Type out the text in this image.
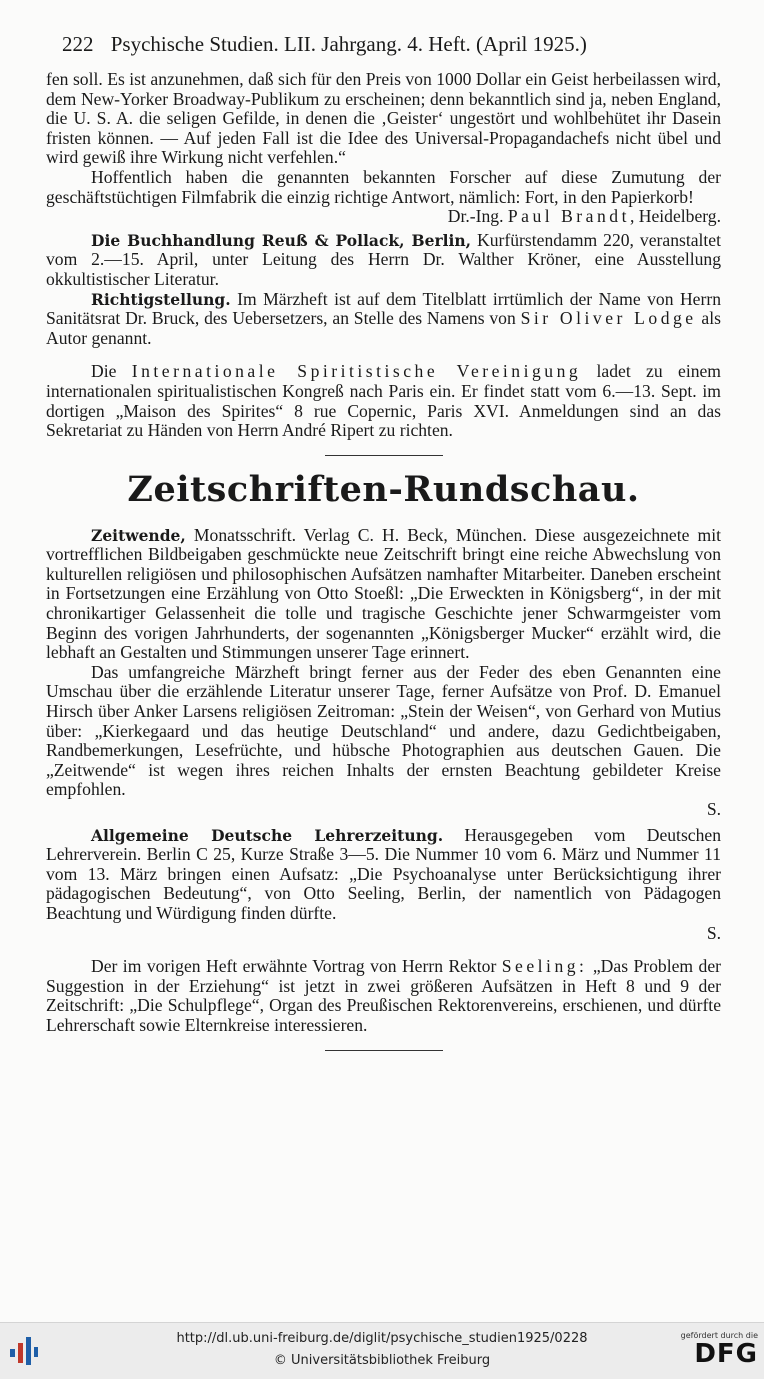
222 Psychische Studien. LII. Jahrgang. 4. Heft. (April 1925.)

fen soll. Es ist anzunehmen, daß sich für den Preis von 1000 Dollar ein Geist herbeilassen wird, dem New-Yorker Broadway-Publikum zu erscheinen; denn bekanntlich sind ja, neben England, die U. S. A. die seligen Gefilde, in denen die ‚Geister‘ ungestört und wohlbehütet ihr Dasein fristen können. — Auf jeden Fall ist die Idee des Universal-Propagandachefs nicht übel und wird gewiß ihre Wirkung nicht verfehlen.“

Hoffentlich haben die genannten bekannten Forscher auf diese Zumutung der geschäftstüchtigen Filmfabrik die einzig richtige Antwort, nämlich: Fort, in den Papierkorb!

Dr.-Ing. Paul Brandt, Heidelberg.

Die Buchhandlung Reuß & Pollack, Berlin, Kurfürstendamm 220, veranstaltet vom 2.—15. April, unter Leitung des Herrn Dr. Walther Kröner, eine Ausstellung okkultistischer Literatur.

Richtigstellung. Im Märzheft ist auf dem Titelblatt irrtümlich der Name von Herrn Sanitätsrat Dr. Bruck, des Uebersetzers, an Stelle des Namens von Sir Oliver Lodge als Autor genannt.

Die Internationale Spiritistische Vereinigung ladet zu einem internationalen spiritualistischen Kongreß nach Paris ein. Er findet statt vom 6.—13. Sept. im dortigen „Maison des Spirites“ 8 rue Copernic, Paris XVI. Anmeldungen sind an das Sekretariat zu Händen von Herrn André Ripert zu richten.

Zeitschriften-Rundschau.

Zeitwende, Monatsschrift. Verlag C. H. Beck, München. Diese ausgezeichnete mit vortrefflichen Bildbeigaben geschmückte neue Zeitschrift bringt eine reiche Abwechslung von kulturellen religiösen und philosophischen Aufsätzen namhafter Mitarbeiter. Daneben erscheint in Fortsetzungen eine Erzählung von Otto Stoeßl: „Die Erweckten in Königsberg“, in der mit chronikartiger Gelassenheit die tolle und tragische Geschichte jener Schwarmgeister vom Beginn des vorigen Jahrhunderts, der sogenannten „Königsberger Mucker“ erzählt wird, die lebhaft an Gestalten und Stimmungen unserer Tage erinnert.

Das umfangreiche Märzheft bringt ferner aus der Feder des eben Genannten eine Umschau über die erzählende Literatur unserer Tage, ferner Aufsätze von Prof. D. Emanuel Hirsch über Anker Larsens religiösen Zeitroman: „Stein der Weisen“, von Gerhard von Mutius über: „Kierkegaard und das heutige Deutschland“ und andere, dazu Gedichtbeigaben, Randbemerkungen, Lesefrüchte, und hübsche Photographien aus deutschen Gauen. Die „Zeitwende“ ist wegen ihres reichen Inhalts der ernsten Beachtung gebildeter Kreise empfohlen.

S.

Allgemeine Deutsche Lehrerzeitung. Herausgegeben vom Deutschen Lehrerverein. Berlin C 25, Kurze Straße 3—5. Die Nummer 10 vom 6. März und Nummer 11 vom 13. März bringen einen Aufsatz: „Die Psychoanalyse unter Berücksichtigung ihrer pädagogischen Bedeutung“, von Otto Seeling, Berlin, der namentlich von Pädagogen Beachtung und Würdigung finden dürfte.

S.

Der im vorigen Heft erwähnte Vortrag von Herrn Rektor Seeling: „Das Problem der Suggestion in der Erziehung“ ist jetzt in zwei größeren Aufsätzen in Heft 8 und 9 der Zeitschrift: „Die Schulpflege“, Organ des Preußischen Rektorenvereins, erschienen, und dürfte Lehrerschaft sowie Elternkreise interessieren.

http://dl.ub.uni-freiburg.de/diglit/psychische_studien1925/0228
© Universitätsbibliothek Freiburg
gefördert durch die
DFG
